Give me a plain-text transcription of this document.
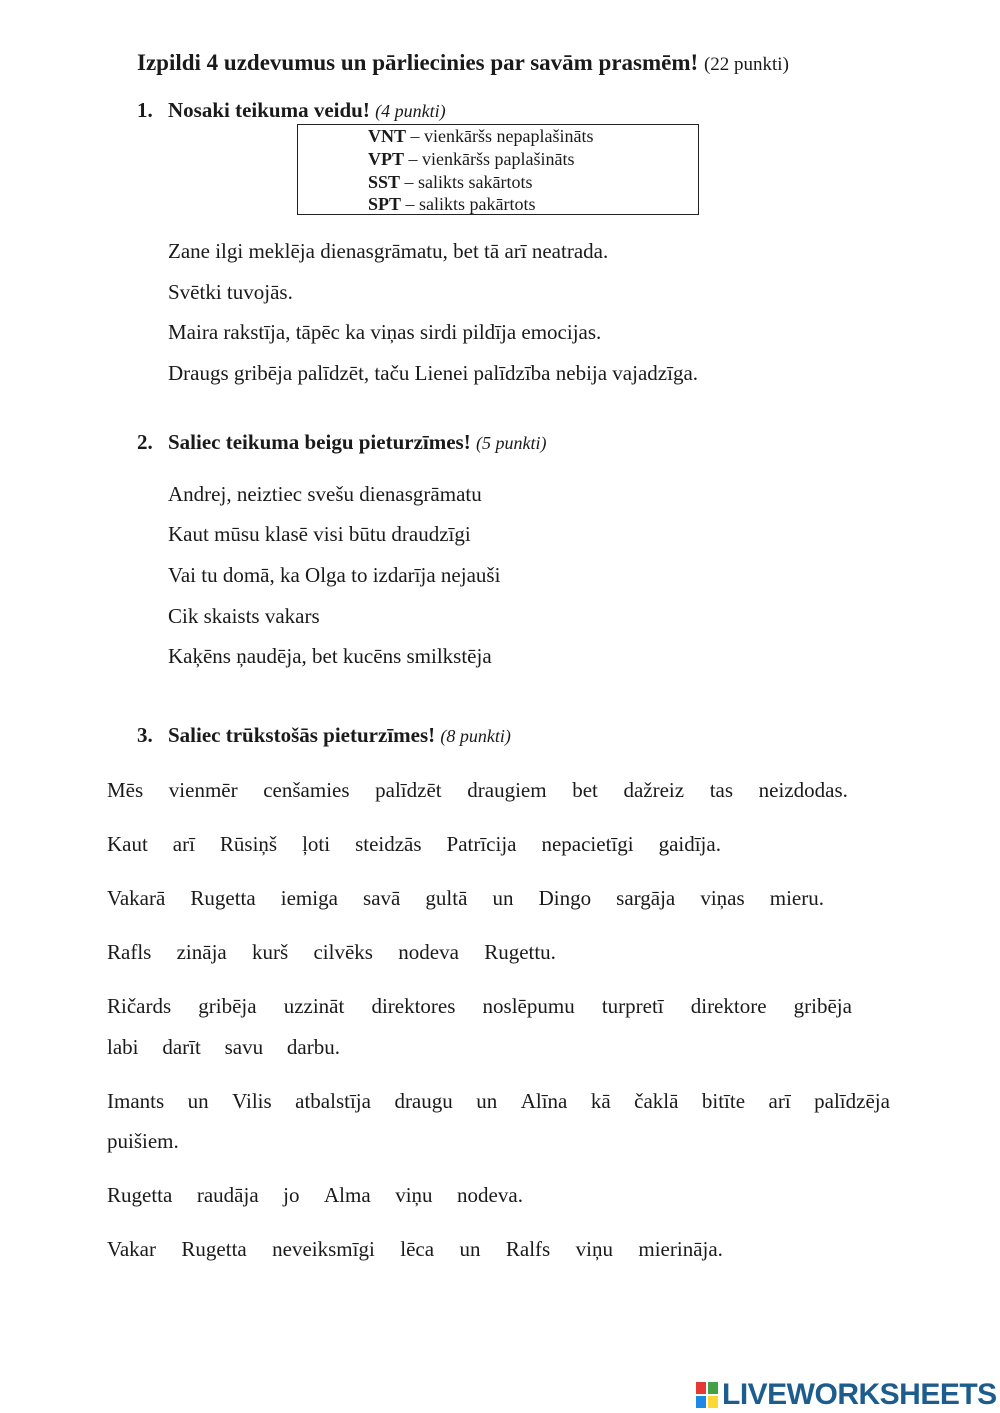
Izpildi 4 uzdevumus un pārliecinies par savām prasmēm! (22 punkti)
1. Nosaki teikuma veidu! (4 punkti)
VNT – vienkāršs nepaplašināts
VPT – vienkāršs paplašināts
SST – salikts sakārtots
SPT – salikts pakārtots
Zane ilgi meklēja dienasgrāmatu, bet tā arī neatrada.
Svētki tuvojās.
Maira rakstīja, tāpēc ka viņas sirdi pildīja emocijas.
Draugs gribēja palīdzēt, taču Lienei palīdzība nebija vajadzīga.
2. Saliec teikuma beigu pieturzīmes! (5 punkti)
Andrej, neiztiec svešu dienasgrāmatu
Kaut mūsu klasē visi būtu draudzīgi
Vai tu domā, ka Olga to izdarīja nejauši
Cik skaists vakars
Kaķēns ņaudēja, bet kucēns smilkstēja
3. Saliec trūkstošās pieturzīmes! (8 punkti)
Mēs vienmēr cenšamies palīdzēt draugiem bet dažreiz tas neizdodas.
Kaut arī Rūsiņš ļoti steidzās Patrīcija nepacietīgi gaidīja.
Vakarā Rugetta iemiga savā gultā un Dingo sargāja viņas mieru.
Rafls zināja kurš cilvēks nodeva Rugettu.
Ričards gribēja uzzināt direktores noslēpumu turpretī direktore gribēja
labi darīt savu darbu.
Imants un Vilis atbalstīja draugu un Alīna kā čaklā bitīte arī palīdzēja
puišiem.
Rugetta raudāja jo Alma viņu nodeva.
Vakar Rugetta neveiksmīgi lēca un Ralfs viņu mierināja.
LIVEWORKSHEETS
